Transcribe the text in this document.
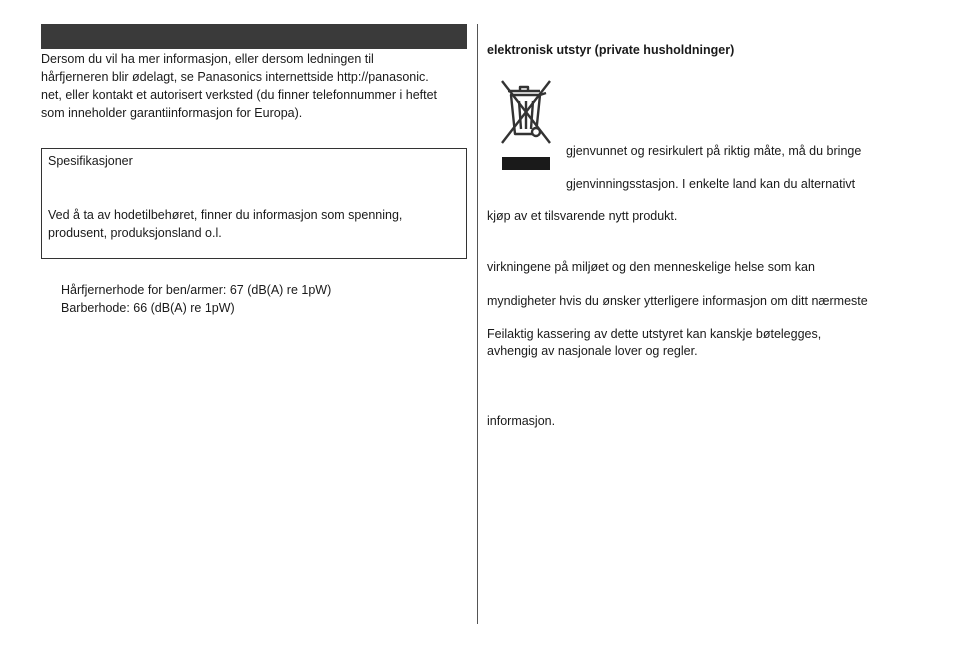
Dersom du vil ha mer informasjon, eller dersom ledningen til
hårfjerneren blir ødelagt, se Panasonics internettside http://panasonic.
net, eller kontakt et autorisert verksted (du finner telefonnummer i heftet
som inneholder garantiinformasjon for Europa).
Spesifikasjoner
Ved å ta av hodetilbehøret, finner du informasjon som spenning,
produsent, produksjonsland o.l.
Hårfjernerhode for ben/armer: 67 (dB(A) re 1pW)
Barberhode: 66 (dB(A) re 1pW)
elektronisk utstyr (private husholdninger)
gjenvunnet og resirkulert på riktig måte, må du bringe
gjenvinningsstasjon. I enkelte land kan du alternativt
kjøp av et tilsvarende nytt produkt.
virkningene på miljøet og den menneskelige helse som kan
myndigheter hvis du ønsker ytterligere informasjon om ditt nærmeste
Feilaktig kassering av dette utstyret kan kanskje bøtelegges,
avhengig av nasjonale lover og regler.
informasjon.
